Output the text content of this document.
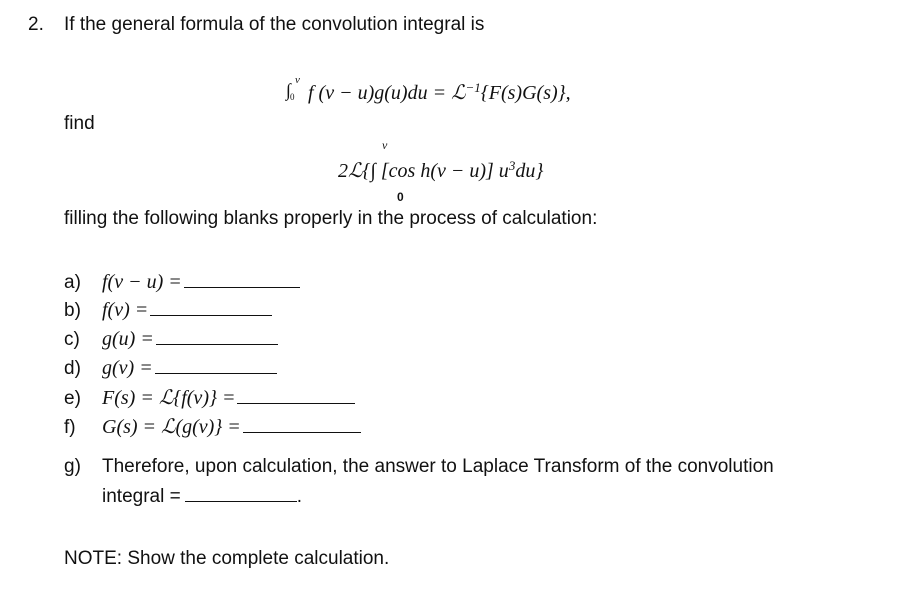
2. If the general formula of the convolution integral is
∫ v
0 f (v − u)g(u)du = ℒ$^{-1}${F(s)G(s)},
find
v
2ℒ{∫ [cos h(v − u)] $u^3du$}
0
filling the following blanks properly in the process of calculation:
a) f(v − u) =
b) f(v) =
c) g(u) =
d) g(v) =
e) F(s) = ℒ{f(v)} =
f) G(s) = ℒ(g(v)} =
g) Therefore, upon calculation, the answer to Laplace Transform of the convolution
integral =	.
NOTE: Show the complete calculation.
